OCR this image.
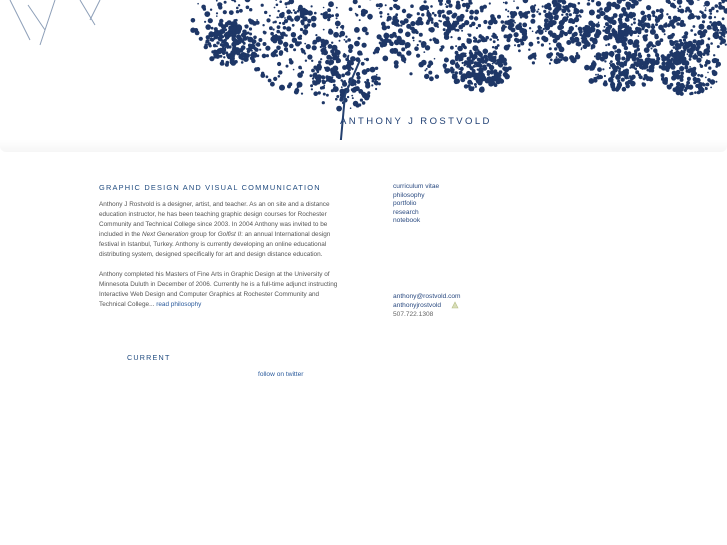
ANTHONY J ROSTVOLD
GRAPHIC DESIGN AND VISUAL COMMUNICATION

Anthony J Rostvold is a designer, artist, and teacher. As an on site and a distance education instructor, he has been teaching graphic design courses for Rochester Community and Technical College since 2003. In 2004 Anthony was invited to be included in the Next Generation group for Golfist II: an annual International design festival in Istanbul, Turkey. Anthony is currently developing an online educational distributing system, designed specifically for art and design distance education.

Anthony completed his Masters of Fine Arts in Graphic Design at the University of Minnesota Duluth in December of 2006. Currently he is a full-time adjunct instructing Interactive Web Design and Computer Graphics at Rochester Community and Technical College... read philosophy

curriculum vitae
philosophy
portfolio
research
notebook
anthony@rostvold.com
anthonyjrostvold
507.722.1308
CURRENT
follow on twitter
